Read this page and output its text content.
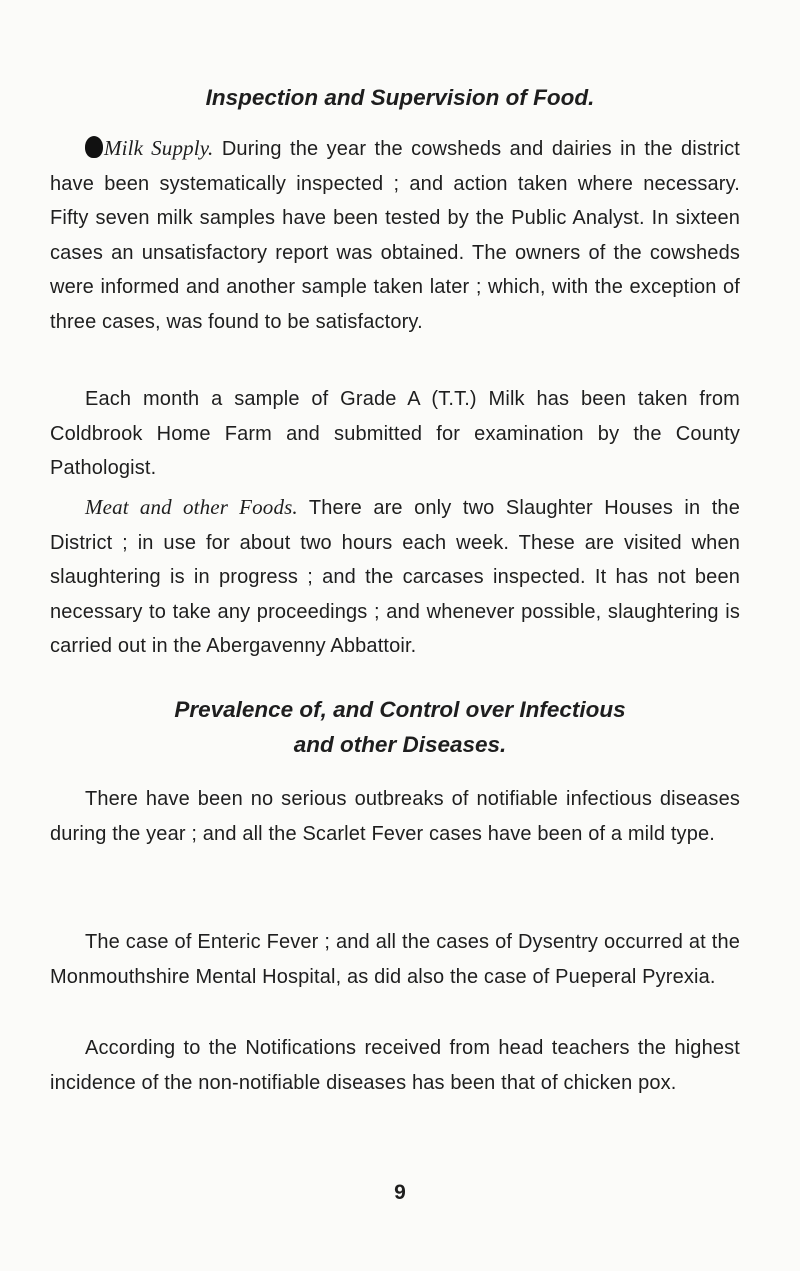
Inspection and Supervision of Food.

Milk Supply. During the year the cowsheds and dairies in the district have been systematically inspected ; and action taken where necessary. Fifty seven milk samples have been tested by the Public Analyst. In sixteen cases an unsatisfactory report was obtained. The owners of the cowsheds were informed and another sample taken later ; which, with the exception of three cases, was found to be satisfactory.

Each month a sample of Grade A (T.T.) Milk has been taken from Coldbrook Home Farm and submitted for examination by the County Pathologist.

Meat and other Foods. There are only two Slaughter Houses in the District ; in use for about two hours each week. These are visited when slaughtering is in progress ; and the carcases inspected. It has not been necessary to take any proceedings ; and whenever possible, slaughtering is carried out in the Abergavenny Abbattoir.

Prevalence of, and Control over Infectious
and other Diseases.

There have been no serious outbreaks of notifiable infectious diseases during the year ; and all the Scarlet Fever cases have been of a mild type.

The case of Enteric Fever ; and all the cases of Dysentry occurred at the Monmouthshire Mental Hospital, as did also the case of Pueperal Pyrexia.

According to the Notifications received from head teachers the highest incidence of the non-notifiable diseases has been that of chicken pox.

9
